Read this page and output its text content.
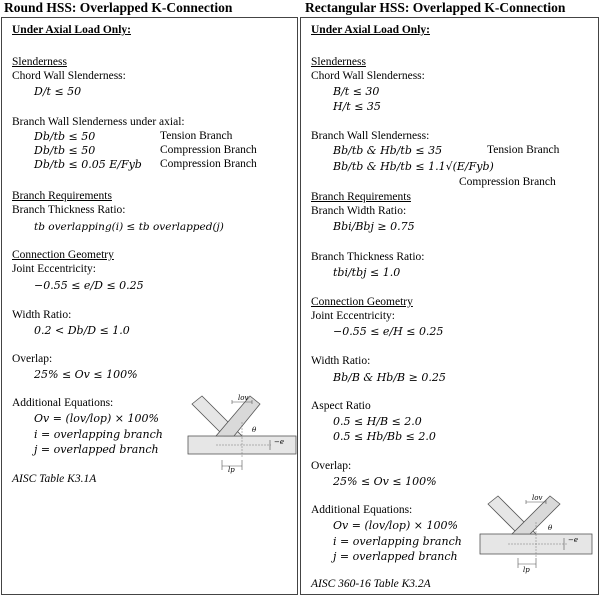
Round HSS: Overlapped K-Connection	Rectangular HSS: Overlapped K-Connection
Under Axial Load Only:
Slenderness
Chord Wall Slenderness:
D/t ≤ 50
Branch Wall Slenderness under axial:
Db/tb ≤ 50	Tension Branch
Db/tb ≤ 50	Compression Branch
Db/tb ≤ 0.05 E/Fyb Compression Branch
Branch Requirements
Branch Thickness Ratio:
tb overlapping(i) ≤ tb overlapped(j)
Connection Geometry
Joint Eccentricity:
−0.55 ≤ e/D ≤ 0.25
Width Ratio:
0.2 < Db/D ≤ 1.0
Overlap:
25% ≤ Ov ≤ 100%
Additional Equations:
Ov = (lov/lop) × 100%
i = overlapping branch
j = overlapped branch
AISC Table K3.1A
lov
lp
−e
θ
Under Axial Load Only:
Slenderness
Chord Wall Slenderness:
B/t ≤ 30
H/t ≤ 35
Branch Wall Slenderness:
Bb/tb & Hb/tb ≤ 35	Tension Branch
Bb/tb & Hb/tb ≤ 1.1√(E/Fyb)
Compression Branch
Branch Requirements
Branch Width Ratio:
Bbi/Bbj ≥ 0.75
Branch Thickness Ratio:
tbi/tbj ≤ 1.0
Connection Geometry
Joint Eccentricity:
−0.55 ≤ e/H ≤ 0.25
Width Ratio:
Bb/B & Hb/B ≥ 0.25
Aspect Ratio
0.5 ≤ H/B ≤ 2.0
0.5 ≤ Hb/Bb ≤ 2.0
Overlap:
25% ≤ Ov ≤ 100%
Additional Equations:
Ov = (lov/lop) × 100%
i = overlapping branch
j = overlapped branch
AISC 360-16 Table K3.2A
lov
lp
−e
θ
